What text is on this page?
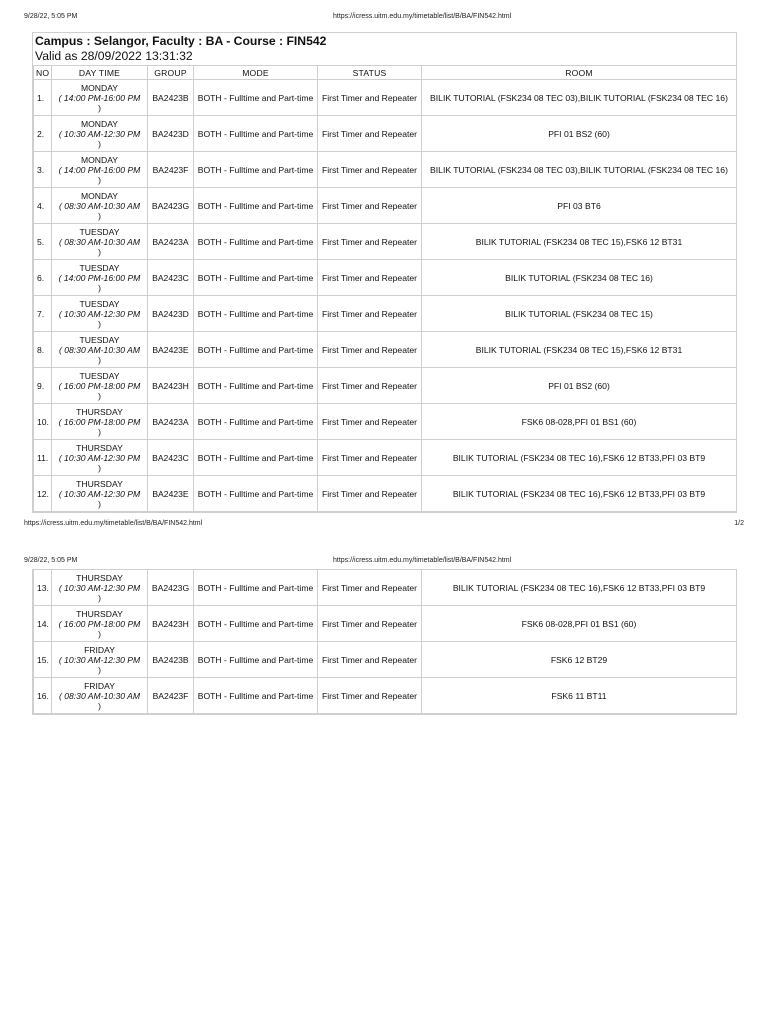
9/28/22, 5:05 PM	https://icress.uitm.edu.my/timetable/list/B/BA/FIN542.html
Campus : Selangor, Faculty : BA - Course : FIN542
Valid as 28/09/2022 13:31:32
NO	DAY TIME	GROUP	MODE	STATUS	ROOM
1.	MONDAY
( 14:00 PM-16:00 PM
)	BA2423B	BOTH - Fulltime and Part-time	First Timer and Repeater	BILIK TUTORIAL (FSK234 08 TEC 03),BILIK TUTORIAL (FSK234 08 TEC 16)
2.	MONDAY
( 10:30 AM-12:30 PM
)	BA2423D	BOTH - Fulltime and Part-time	First Timer and Repeater	PFI 01 BS2 (60)
3.	MONDAY
( 14:00 PM-16:00 PM
)	BA2423F	BOTH - Fulltime and Part-time	First Timer and Repeater	BILIK TUTORIAL (FSK234 08 TEC 03),BILIK TUTORIAL (FSK234 08 TEC 16)
4.	MONDAY
( 08:30 AM-10:30 AM
)	BA2423G	BOTH - Fulltime and Part-time	First Timer and Repeater	PFI 03 BT6
5.	TUESDAY
( 08:30 AM-10:30 AM
)	BA2423A	BOTH - Fulltime and Part-time	First Timer and Repeater	BILIK TUTORIAL (FSK234 08 TEC 15),FSK6 12 BT31
6.	TUESDAY
( 14:00 PM-16:00 PM
)	BA2423C	BOTH - Fulltime and Part-time	First Timer and Repeater	BILIK TUTORIAL (FSK234 08 TEC 16)
7.	TUESDAY
( 10:30 AM-12:30 PM
)	BA2423D	BOTH - Fulltime and Part-time	First Timer and Repeater	BILIK TUTORIAL (FSK234 08 TEC 15)
8.	TUESDAY
( 08:30 AM-10:30 AM
)	BA2423E	BOTH - Fulltime and Part-time	First Timer and Repeater	BILIK TUTORIAL (FSK234 08 TEC 15),FSK6 12 BT31
9.	TUESDAY
( 16:00 PM-18:00 PM
)	BA2423H	BOTH - Fulltime and Part-time	First Timer and Repeater	PFI 01 BS2 (60)
10.	THURSDAY
( 16:00 PM-18:00 PM
)	BA2423A	BOTH - Fulltime and Part-time	First Timer and Repeater	FSK6 08-028,PFI 01 BS1 (60)
11.	THURSDAY
( 10:30 AM-12:30 PM
)	BA2423C	BOTH - Fulltime and Part-time	First Timer and Repeater	BILIK TUTORIAL (FSK234 08 TEC 16),FSK6 12 BT33,PFI 03 BT9
12.	THURSDAY
( 10:30 AM-12:30 PM
)	BA2423E	BOTH - Fulltime and Part-time	First Timer and Repeater	BILIK TUTORIAL (FSK234 08 TEC 16),FSK6 12 BT33,PFI 03 BT9
https://icress.uitm.edu.my/timetable/list/B/BA/FIN542.html	1/2
9/28/22, 5:05 PM	https://icress.uitm.edu.my/timetable/list/B/BA/FIN542.html
13.	THURSDAY
( 10:30 AM-12:30 PM
)	BA2423G	BOTH - Fulltime and Part-time	First Timer and Repeater	BILIK TUTORIAL (FSK234 08 TEC 16),FSK6 12 BT33,PFI 03 BT9
14.	THURSDAY
( 16:00 PM-18:00 PM
)	BA2423H	BOTH - Fulltime and Part-time	First Timer and Repeater	FSK6 08-028,PFI 01 BS1 (60)
15.	FRIDAY
( 10:30 AM-12:30 PM
)	BA2423B	BOTH - Fulltime and Part-time	First Timer and Repeater	FSK6 12 BT29
16.	FRIDAY
( 08:30 AM-10:30 AM
)	BA2423F	BOTH - Fulltime and Part-time	First Timer and Repeater	FSK6 11 BT11
